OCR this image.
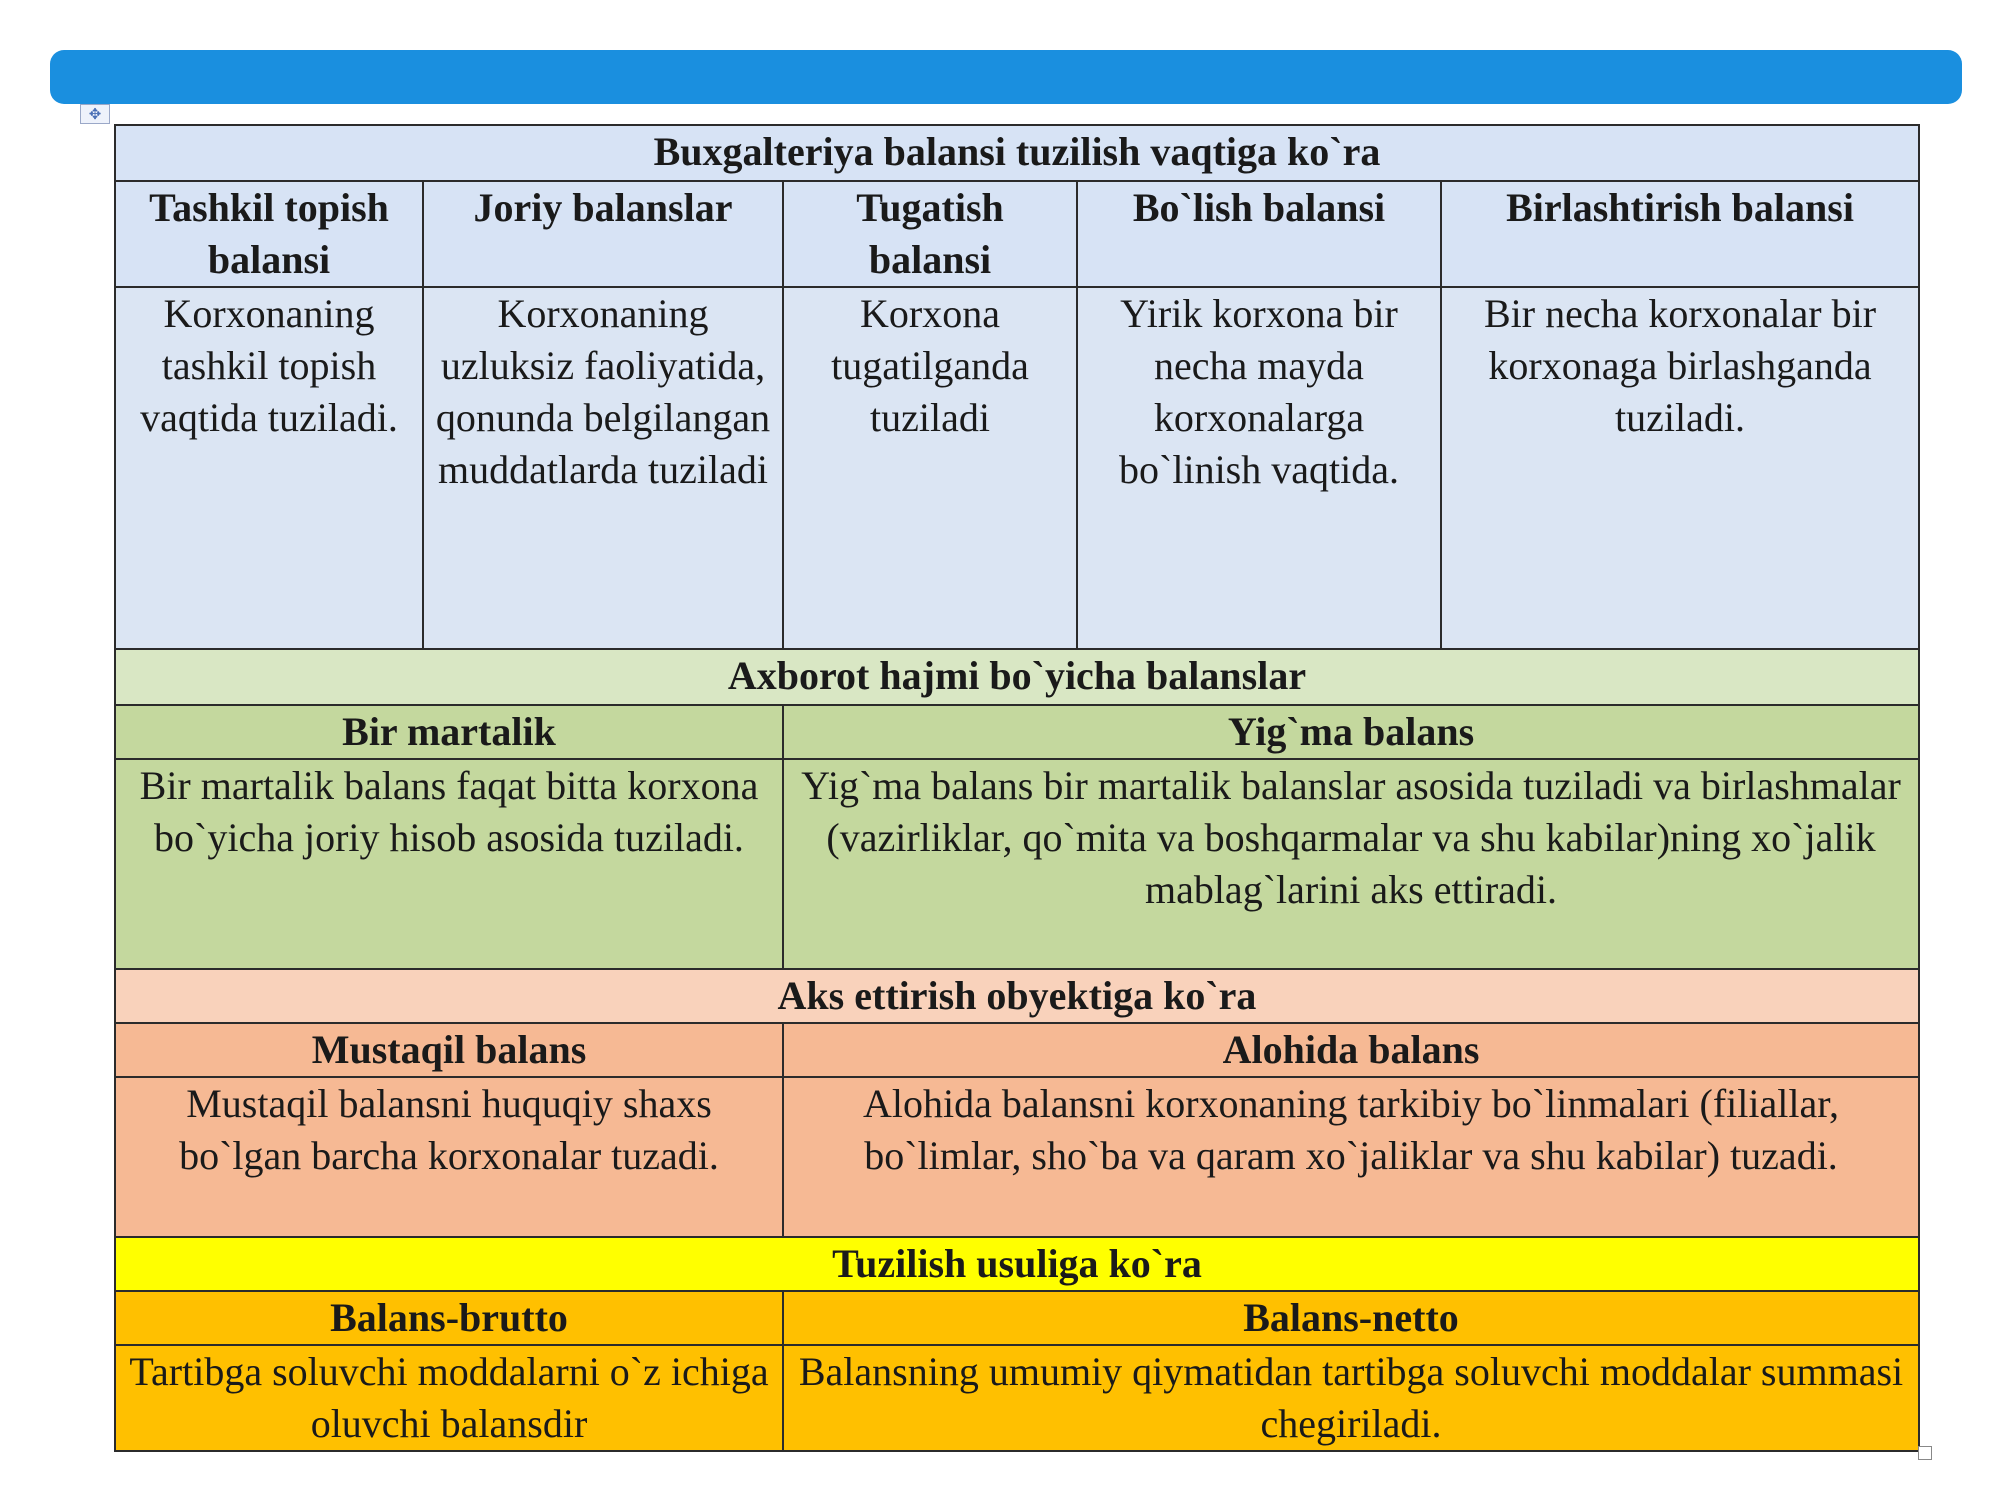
✥
Buxgalteriya balansi tuzilish vaqtiga ko`ra				
Tashkil topish balansi	Joriy balanslar	Tugatish balansi	Bo`lish balansi	Birlashtirish balansi
Korxonaning tashkil topish vaqtida tuziladi.	Korxonaning uzluksiz faoliyatida, qonunda belgilangan muddatlarda tuziladi	Korxona tugatilganda tuziladi	Yirik korxona bir necha mayda korxonalarga bo`linish vaqtida.	Bir necha korxonalar bir korxonaga birlashganda tuziladi.
Axborot hajmi bo`yicha balanslar				
Bir martalik		Yig`ma balans		
Bir martalik balans faqat bitta korxona bo`yicha joriy hisob asosida tuziladi.		Yig`ma balans bir martalik balanslar asosida tuziladi va birlashmalar (vazirliklar, qo`mita va boshqarmalar va shu kabilar)ning xo`jalik mablag`larini aks ettiradi.		
Aks ettirish obyektiga ko`ra				
Mustaqil balans		Alohida balans		
Mustaqil balansni huquqiy shaxs bo`lgan barcha korxonalar tuzadi.		Alohida balansni korxonaning tarkibiy bo`linmalari (filiallar, bo`limlar, sho`ba va qaram xo`jaliklar va shu kabilar) tuzadi.		
Tuzilish usuliga ko`ra				
Balans-brutto		Balans-netto		
Tartibga soluvchi moddalarni o`z ichiga oluvchi balansdir		Balansning umumiy qiymatidan tartibga soluvchi moddalar summasi chegiriladi.		
